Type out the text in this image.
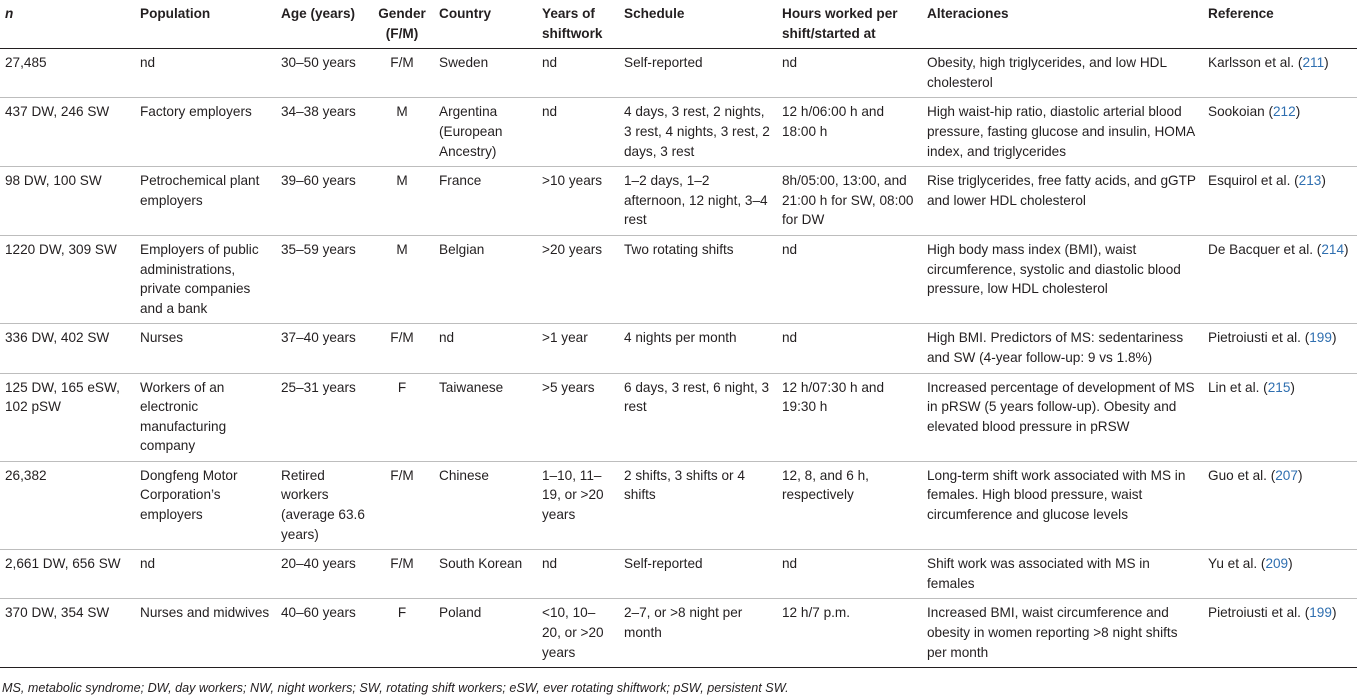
n	Population	Age (years)	Gender (F/M)	Country	Years of shiftwork	Schedule	Hours worked per shift/started at	Alteraciones	Reference
27,485	nd	30–50 years	F/M	Sweden	nd	Self-reported	nd	Obesity, high triglycerides, and low HDL cholesterol	Karlsson et al. (211)
437 DW, 246 SW	Factory employers	34–38 years	M	Argentina (European Ancestry)	nd	4 days, 3 rest, 2 nights, 3 rest, 4 nights, 3 rest, 2 days, 3 rest	12 h/06:00 h and 18:00 h	High waist-hip ratio, diastolic arterial blood pressure, fasting glucose and insulin, HOMA index, and triglycerides	Sookoian (212)
98 DW, 100 SW	Petrochemical plant employers	39–60 years	M	France	>10 years	1–2 days, 1–2 afternoon, 12 night, 3–4 rest	8h/05:00, 13:00, and 21:00 h for SW, 08:00 for DW	Rise triglycerides, free fatty acids, and gGTP and lower HDL cholesterol	Esquirol et al. (213)
1220 DW, 309 SW	Employers of public administrations, private companies and a bank	35–59 years	M	Belgian	>20 years	Two rotating shifts	nd	High body mass index (BMI), waist circumference, systolic and diastolic blood pressure, low HDL cholesterol	De Bacquer et al. (214)
336 DW, 402 SW	Nurses	37–40 years	F/M	nd	>1 year	4 nights per month	nd	High BMI. Predictors of MS: sedentariness and SW (4-year follow-up: 9 vs 1.8%)	Pietroiusti et al. (199)
125 DW, 165 eSW, 102 pSW	Workers of an electronic manufacturing company	25–31 years	F	Taiwanese	>5 years	6 days, 3 rest, 6 night, 3 rest	12 h/07:30 h and 19:30 h	Increased percentage of development of MS in pRSW (5 years follow-up). Obesity and elevated blood pressure in pRSW	Lin et al. (215)
26,382	Dongfeng Motor Corporation’s employers	Retired workers (average 63.6 years)	F/M	Chinese	1–10, 11–19, or >20 years	2 shifts, 3 shifts or 4 shifts	12, 8, and 6 h, respectively	Long-term shift work associated with MS in females. High blood pressure, waist circumference and glucose levels	Guo et al. (207)
2,661 DW, 656 SW	nd	20–40 years	F/M	South Korean	nd	Self-reported	nd	Shift work was associated with MS in females	Yu et al. (209)
370 DW, 354 SW	Nurses and midwives	40–60 years	F	Poland	<10, 10–20, or >20 years	2–7, or >8 night per month	12 h/7 p.m.	Increased BMI, waist circumference and obesity in women reporting >8 night shifts per month	Pietroiusti et al. (199)
MS, metabolic syndrome; DW, day workers; NW, night workers; SW, rotating shift workers; eSW, ever rotating shiftwork; pSW, persistent SW.
